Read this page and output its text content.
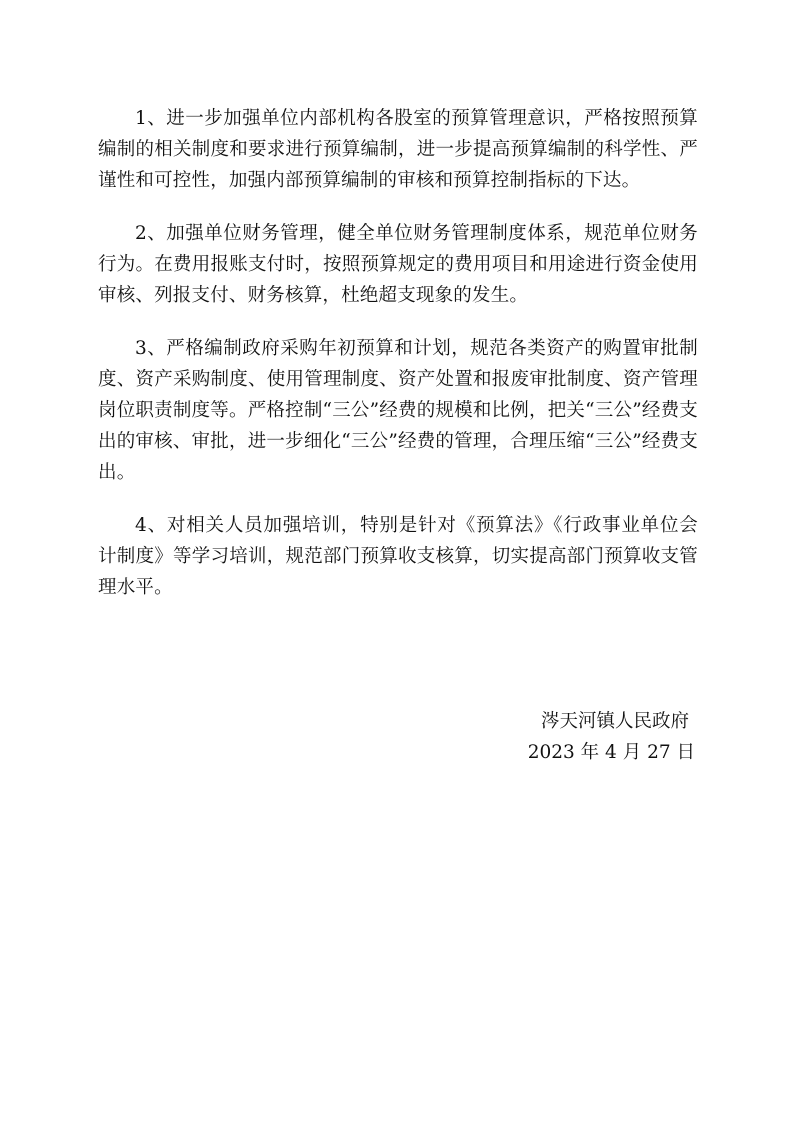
1、进一步加强单位内部机构各股室的预算管理意识，严格按照预算编制的相关制度和要求进行预算编制，进一步提高预算编制的科学性、严谨性和可控性，加强内部预算编制的审核和预算控制指标的下达。

2、加强单位财务管理，健全单位财务管理制度体系，规范单位财务行为。在费用报账支付时，按照预算规定的费用项目和用途进行资金使用审核、列报支付、财务核算，杜绝超支现象的发生。

3、严格编制政府采购年初预算和计划，规范各类资产的购置审批制度、资产采购制度、使用管理制度、资产处置和报废审批制度、资产管理岗位职责制度等。严格控制“三公”经费的规模和比例，把关“三公”经费支出的审核、审批，进一步细化“三公”经费的管理，合理压缩“三公”经费支出。

4、对相关人员加强培训，特别是针对《预算法》《行政事业单位会计制度》等学习培训，规范部门预算收支核算，切实提高部门预算收支管理水平。

涔天河镇人民政府
2023 年 4 月 27 日
